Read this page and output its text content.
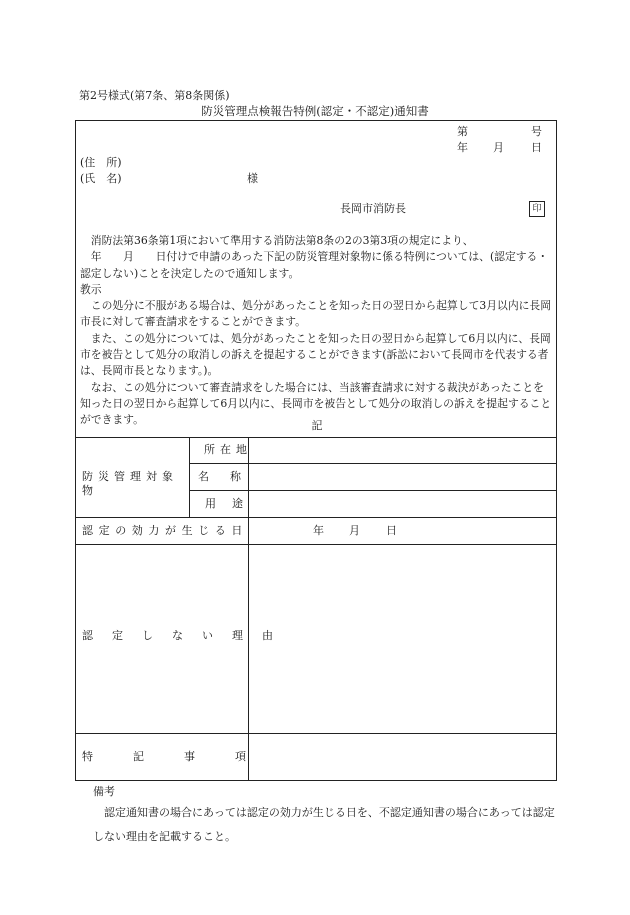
第2号様式(第7条、第8条関係)
防災管理点検報告特例(認定・不認定)通知書
第	号
年 月 日
(住　所)
(氏　名)	様
長岡市消防長	印

消防法第36条第1項において準用する消防法第8条の2の3第3項の規定により、

　年　　月　　日付けで申請のあった下記の防災管理対象物に係る特例については、(認定する・認定しない)ことを決定したので通知します。

教示

この処分に不服がある場合は、処分があったことを知った日の翌日から起算して3月以内に長岡市長に対して審査請求をすることができます。

また、この処分については、処分があったことを知った日の翌日から起算して6月以内に、長岡市を被告として処分の取消しの訴えを提起することができます(訴訟において長岡市を代表する者は、長岡市長となります。)。

なお、この処分について審査請求をした場合には、当該審査請求に対する裁決があったことを知った日の翌日から起算して6月以内に、長岡市を被告として処分の取消しの訴えを提起することができます。	記
防災管理対象物
所在地
名称
用途
認定の効力が生じる日	年 月 日
認定しない理由
特記事項
備考
認定通知書の場合にあっては認定の効力が生じる日を、不認定通知書の場合にあっては認定しない理由を記載すること。
